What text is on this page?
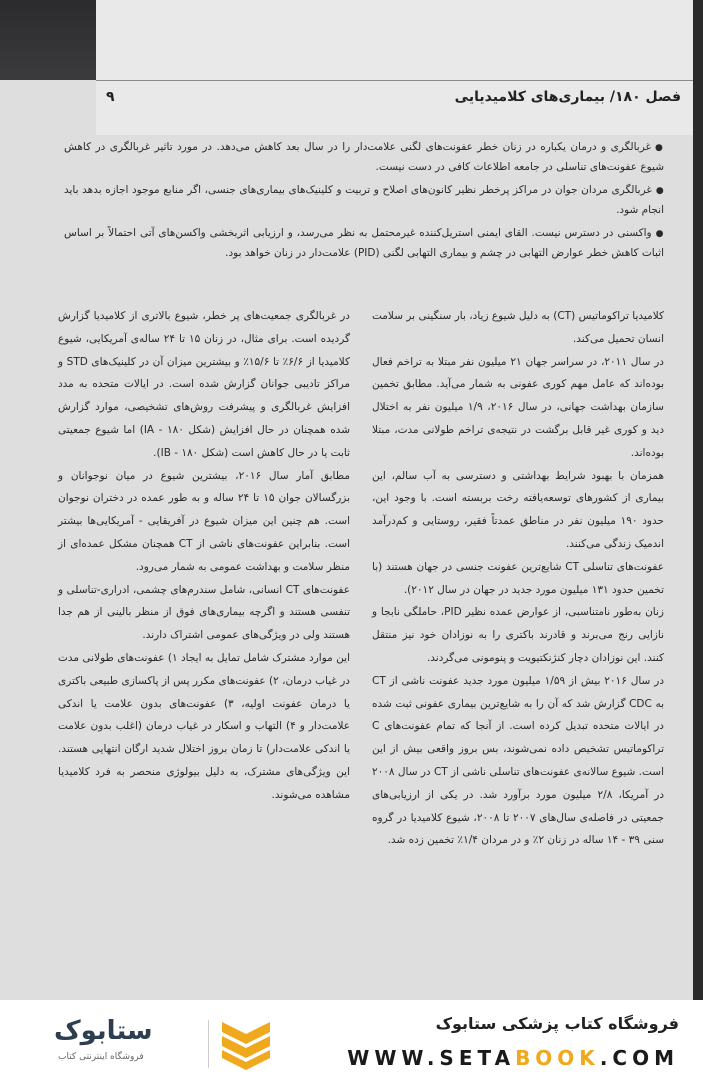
فصل ۱۸۰/ بیماری‌های کلامیدیایی
۹

●غربالگری و درمان یکباره در زنان خطر عفونت‌های لگنی علامت‌دار را در سال بعد کاهش می‌دهد. در مورد تاثیر غربالگری در کاهش شیوع عفونت‌های تناسلی در جامعه اطلاعات کافی در دست نیست.

●غربالگری مردان جوان در مراکز پرخطر نظیر کانون‌های اصلاح و تربیت و کلینیک‌های بیماری‌های جنسی، اگر منابع موجود اجازه بدهد باید انجام شود.

●واکسنی در دسترس نیست. القای ایمنی استریل‌کننده غیرمحتمل به نظر می‌رسد، و ارزیابی اثربخشی واکسن‌های آتی احتمالاً بر اساس اثبات کاهش خطر عوارض التهابی در چشم و بیماری التهابی لگنی (PID) علامت‌دار در زنان خواهد بود.

کلامیدیا تراکوماتیس (CT) به دلیل شیوع زیاد، بار سنگینی بر سلامت انسان تحمیل می‌کند.

در سال ۲۰۱۱، در سراسر جهان ۲۱ میلیون نفر مبتلا به تراخم فعال بوده‌اند که عامل مهم کوری عفونی به شمار می‌آید. مطابق تخمین سازمان بهداشت جهانی، در سال ۲۰۱۶، ۱/۹ میلیون نفر به اختلال دید و کوری غیر قابل برگشت در نتیجه‌ی تراخم طولانی مدت، مبتلا بوده‌اند.

همزمان با بهبود شرایط بهداشتی و دسترسی به آب سالم، این بیماری از کشورهای توسعه‌یافته رخت بربسته است. با وجود این، حدود ۱۹۰ میلیون نفر در مناطق عمدتاً فقیر، روستایی و کم‌درآمد اندمیک زندگی می‌کنند.

عفونت‌های تناسلی CT شایع‌ترین عفونت جنسی در جهان هستند (با تخمین حدود ۱۳۱ میلیون مورد جدید در جهان در سال ۲۰۱۲).

زنان به‌طور نامتناسبی، از عوارض عمده نظیر PID، حاملگی نابجا و نازایی رنج می‌برند و قادرند باکتری را به نوزادان خود نیز منتقل کنند. این نوزادان دچار کنژنکتیویت و پنومونی می‌گردند.

در سال ۲۰۱۶ بیش از ۱/۵۹ میلیون مورد جدید عفونت ناشی از CT به CDC گزارش شد که آن را به شایع‌ترین بیماری عفونی ثبت شده در ایالات متحده تبدیل کرده است. از آنجا که تمام عفونت‌های C تراکوماتیس تشخیص داده نمی‌شوند، بس بروز واقعی بیش از این است. شیوع سالانه‌ی عفونت‌های تناسلی ناشی از CT در سال ۲۰۰۸ در آمریکا، ۲/۸ میلیون مورد برآورد شد. در یکی از ارزیابی‌های جمعیتی در فاصله‌ی سال‌های ۲۰۰۷ تا ۲۰۰۸، شیوع کلامیدیا در گروه سنی ۳۹ - ۱۴ ساله در زنان ۲٪ و در مردان ۱/۴٪ تخمین زده شد.

در غربالگری جمعیت‌های پر خطر، شیوع بالاتری از کلامیدیا گزارش گردیده است. برای مثال، در زنان ۱۵ تا ۲۴ ساله‌ی آمریکایی، شیوع کلامیدیا از ۶/۶٪ تا ۱۵/۶٪ و بیشترین میزان آن در کلینیک‌های STD و مراکز تادیبی جوانان گزارش شده است. در ایالات متحده به مدد افزایش غربالگری و پیشرفت روش‌های تشخیصی، موارد گزارش شده همچنان در حال افزایش (شکل IA - ۱۸۰) اما شیوع جمعیتی ثابت یا در حال کاهش است (شکل IB - ۱۸۰).

مطابق آمار سال ۲۰۱۶، بیشترین شیوع در میان نوجوانان و بزرگسالان جوان ۱۵ تا ۲۴ ساله و به طور عمده در دختران نوجوان است. هم چنین این میزان شیوع در آفریقایی - آمریکایی‌ها بیشتر است. بنابراین عفونت‌های ناشی از CT همچنان مشکل عمده‌ای از منظر سلامت و بهداشت عمومی به شمار می‌رود.

عفونت‌های CT انسانی، شامل سندرم‌های چشمی، ادراری-تناسلی و تنفسی هستند و اگرچه بیماری‌های فوق از منظر بالینی از هم جدا هستند ولی در ویژگی‌های عمومی اشتراک دارند.

این موارد مشترک شامل تمایل به ایجاد ۱) عفونت‌های طولانی مدت در غیاب درمان، ۲) عفونت‌های مکرر پس از پاکسازی طبیعی باکتری یا درمان عفونت اولیه، ۳) عفونت‌های بدون علامت یا اندکی علامت‌دار و ۴) التهاب و اسکار در غیاب درمان (اغلب بدون علامت یا اندکی علامت‌دار) تا زمان بروز اختلال شدید ارگان انتهایی هستند. این ویژگی‌های مشترک، به دلیل بیولوژی منحصر به فرد کلامیدیا مشاهده می‌شوند.

ستابوک
فروشگاه اینترنتی کتاب
فروشگاه کتاب پزشکی ستابوک
WWW.SETABOOK.COM
